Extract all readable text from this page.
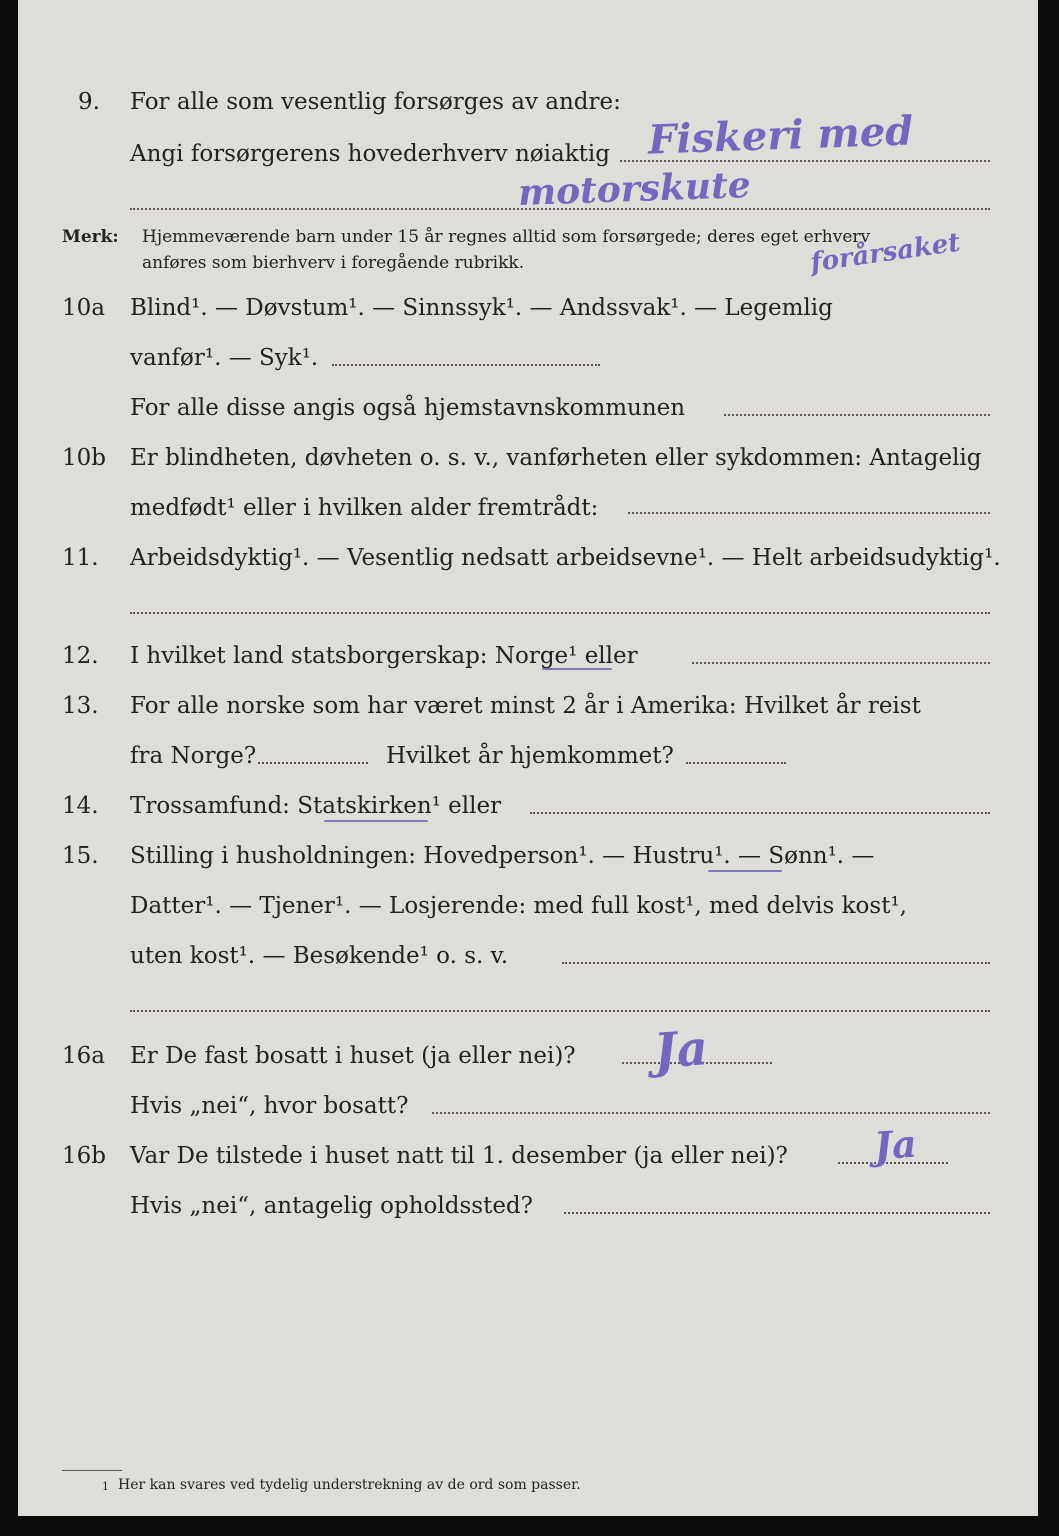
9. For alle som vesentlig forsørges av andre:
Angi forsørgerens hovederhverv nøiaktig Fiskeri med
motorskute
Merk: Hjemmeværende barn under 15 år regnes alltid som forsørgede; deres eget erhverv
anføres som bierhverv i foregående rubrikk.	forårsaket
10a Blind¹. — Døvstum¹. — Sinnssyk¹. — Andssvak¹. — Legemlig
vanfør¹. — Syk¹.
For alle disse angis også hjemstavnskommunen
10b Er blindheten, døvheten o. s. v., vanførheten eller sykdommen: Antagelig
medfødt¹ eller i hvilken alder fremtrådt:
11. Arbeidsdyktig¹. — Vesentlig nedsatt arbeidsevne¹. — Helt arbeidsudyktig¹.
12. I hvilket land statsborgerskap: Norge¹ eller
13. For alle norske som har været minst 2 år i Amerika: Hvilket år reist
fra Norge?	Hvilket år hjemkommet?
14. Trossamfund: Statskirken¹ eller
15. Stilling i husholdningen: Hovedperson¹. — Hustru¹. — Sønn¹. —
Datter¹. — Tjener¹. — Losjerende: med full kost¹, med delvis kost¹,
uten kost¹. — Besøkende¹ o. s. v.
16a Er De fast bosatt i huset (ja eller nei)? Ja
Hvis „nei“, hvor bosatt?
16b Var De tilstede i huset natt til 1. desember (ja eller nei)? Ja
Hvis „nei“, antagelig opholdssted?
1 Her kan svares ved tydelig understrekning av de ord som passer.
